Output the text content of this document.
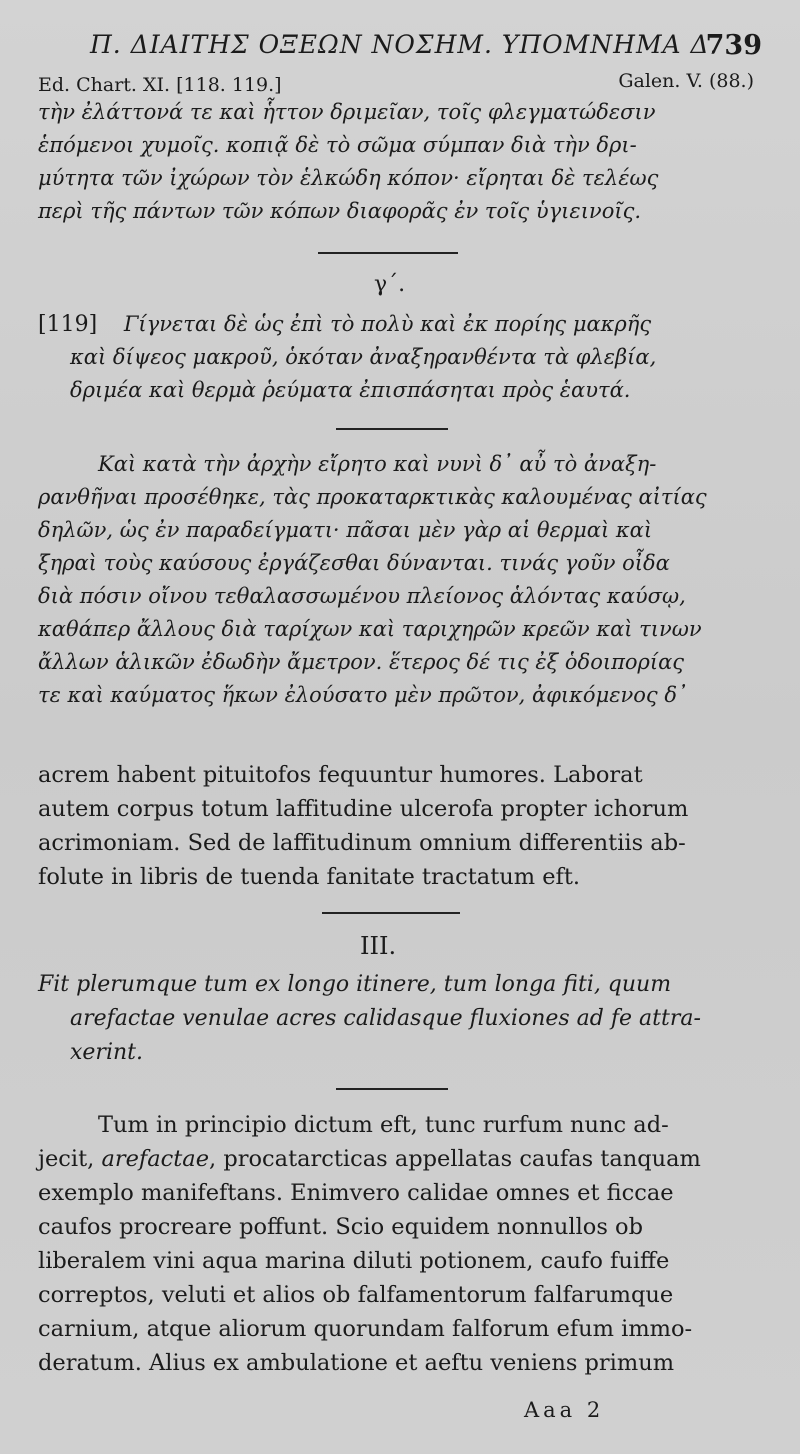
Π. ΔΙΑΙΤΗΣ ΟΞΕΩΝ ΝΟΣΗΜ. ΥΠΟΜΝΗΜΑ Δ.
739
Ed. Chart. XI. [118. 119.]	Galen. V. (88.)
τὴν ἐλάττονά τε καὶ ἧττον δριμεῖαν, τοῖς φλεγματώδεσιν
ἑπόμενοι χυμοῖς. κοπιᾷ δὲ τὸ σῶμα σύμπαν διὰ τὴν δρι-
μύτητα τῶν ἰχώρων τὸν ἑλκώδη κόπον· εἴρηται δὲ τελέως
περὶ τῆς πάντων τῶν κόπων διαφορᾶς ἐν τοῖς ὑγιεινοῖς.
γ΄.
[119] Γίγνεται δὲ ὡς ἐπὶ τὸ πολὺ καὶ ἐκ πορίης μακρῆς
καὶ δίψεος μακροῦ, ὁκόταν ἀναξηρανθέντα τὰ φλεβία,
δριμέα καὶ θερμὰ ῥεύματα ἐπισπάσηται πρὸς ἑαυτά.
Καὶ κατὰ τὴν ἀρχὴν εἴρητο καὶ νυνὶ δ᾽ αὖ τὸ ἀναξη-
ρανθῆναι προσέθηκε, τὰς προκαταρκτικὰς καλουμένας αἰτίας
δηλῶν, ὡς ἐν παραδείγματι· πᾶσαι μὲν γὰρ αἱ θερμαὶ καὶ
ξηραὶ τοὺς καύσους ἐργάζεσθαι δύνανται. τινάς γοῦν οἶδα
διὰ πόσιν οἴνου τεθαλασσωμένου πλείονος ἁλόντας καύσῳ,
καθάπερ ἄλλους διὰ ταρίχων καὶ ταριχηρῶν κρεῶν καὶ τινων
ἄλλων ἁλικῶν ἐδωδὴν ἄμετρον. ἕτερος δέ τις ἐξ ὁδοιπορίας
τε καὶ καύματος ἥκων ἐλούσατο μὲν πρῶτον, ἀφικόμενος δ᾽
acrem habent pituitofos fequuntur humores. Laborat
autem corpus totum laffitudine ulcerofa propter ichorum
acrimoniam. Sed de laffitudinum omnium differentiis ab-
folute in libris de tuenda fanitate tractatum eft.
III.
Fit plerumque tum ex longo itinere, tum longa fiti, quum
arefactae venulae acres calidasque fluxiones ad fe attra-
xerint.
Tum in principio dictum eft, tunc rurfum nunc ad-
jecit, arefactae, procatarcticas appellatas caufas tanquam
exemplo manifeftans. Enimvero calidae omnes et ficcae
caufos procreare poffunt. Scio equidem nonnullos ob
liberalem vini aqua marina diluti potionem, caufo fuiffe
correptos, veluti et alios ob falfamentorum falfarumque
carnium, atque aliorum quorundam falforum efum immo-
deratum. Alius ex ambulatione et aeftu veniens primum
Aaa 2
